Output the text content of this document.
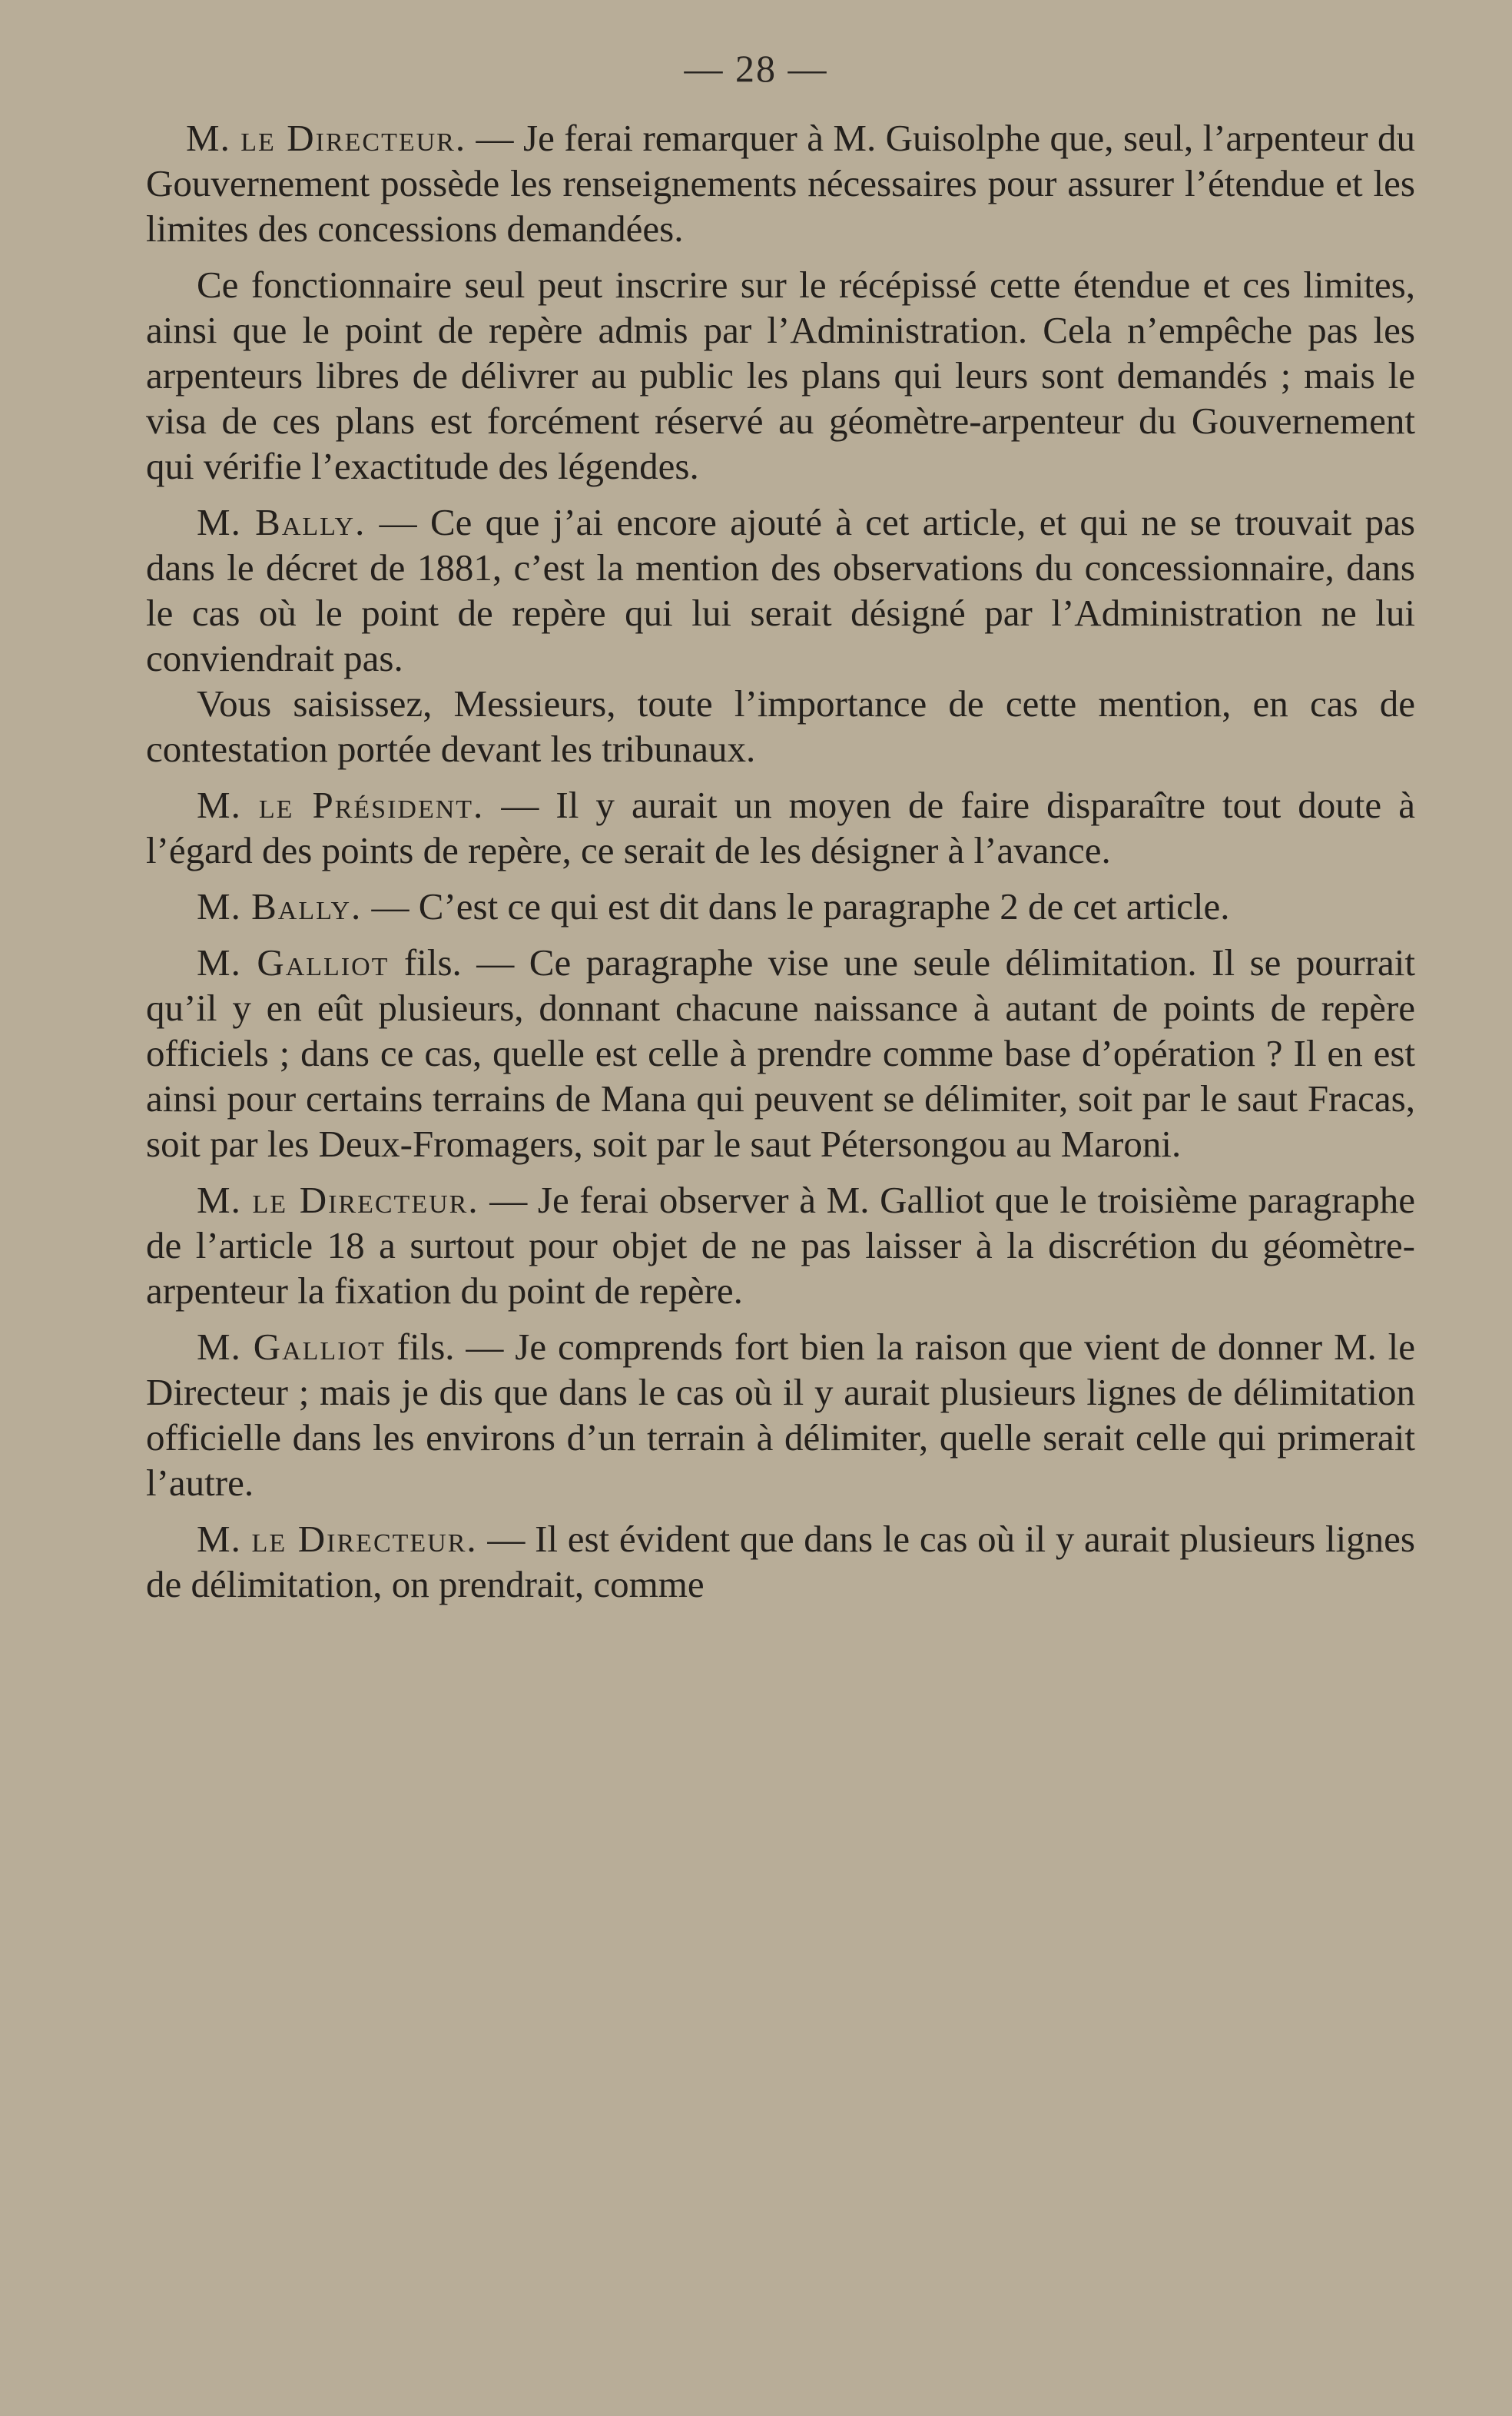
— 28 —

M. le Directeur. — Je ferai remarquer à M. Guisolphe que, seul, l’arpenteur du Gouvernement possède les renseignements nécessaires pour assurer l’étendue et les limites des concessions demandées.

Ce fonctionnaire seul peut inscrire sur le récépissé cette étendue et ces limites, ainsi que le point de repère admis par l’Administration. Cela n’empêche pas les arpenteurs libres de délivrer au public les plans qui leurs sont demandés ; mais le visa de ces plans est forcément réservé au géomètre-arpenteur du Gouvernement qui vérifie l’exactitude des légendes.

M. Bally. — Ce que j’ai encore ajouté à cet article, et qui ne se trouvait pas dans le décret de 1881, c’est la mention des observations du concessionnaire, dans le cas où le point de repère qui lui serait désigné par l’Administration ne lui conviendrait pas.

Vous saisissez, Messieurs, toute l’importance de cette mention, en cas de contestation portée devant les tribunaux.

M. le Président. — Il y aurait un moyen de faire disparaître tout doute à l’égard des points de repère, ce serait de les désigner à l’avance.

M. Bally. — C’est ce qui est dit dans le paragraphe 2 de cet article.

M. Galliot fils. — Ce paragraphe vise une seule délimitation. Il se pourrait qu’il y en eût plusieurs, donnant chacune naissance à autant de points de repère officiels ; dans ce cas, quelle est celle à prendre comme base d’opération ? Il en est ainsi pour certains terrains de Mana qui peuvent se délimiter, soit par le saut Fracas, soit par les Deux-Fromagers, soit par le saut Pétersongou au Maroni.

M. le Directeur. — Je ferai observer à M. Galliot que le troisième paragraphe de l’article 18 a surtout pour objet de ne pas laisser à la discrétion du géomètre-arpenteur la fixation du point de repère.

M. Galliot fils. — Je comprends fort bien la raison que vient de donner M. le Directeur ; mais je dis que dans le cas où il y aurait plusieurs lignes de délimitation officielle dans les environs d’un terrain à délimiter, quelle serait celle qui primerait l’autre.

M. le Directeur. — Il est évident que dans le cas où il y aurait plusieurs lignes de délimitation, on prendrait, comme
